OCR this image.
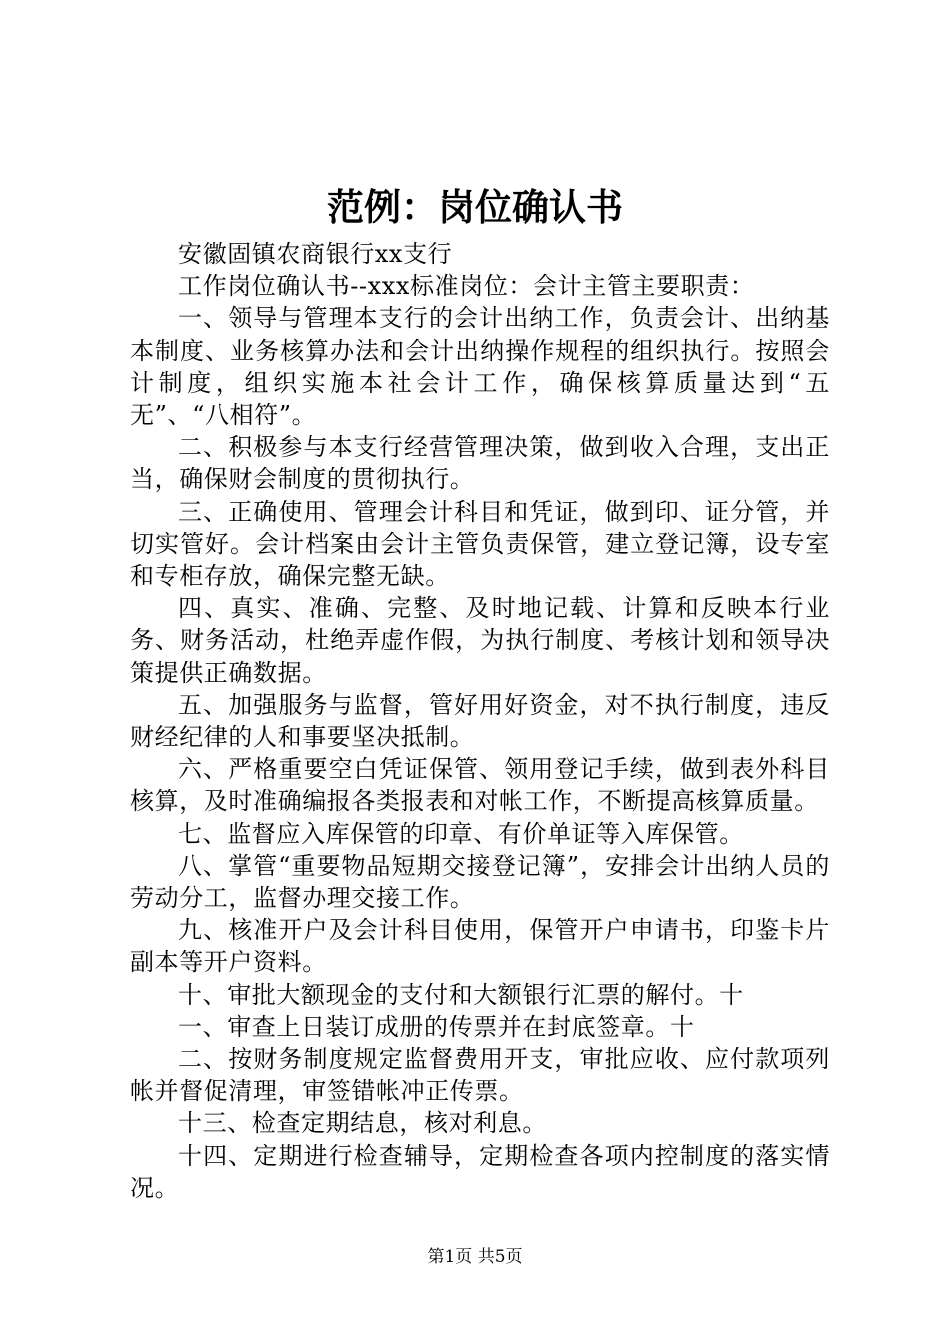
范例：岗位确认书

安徽固镇农商银行xx支行

工作岗位确认书--xxx标准岗位：会计主管主要职责：

一、领导与管理本支行的会计出纳工作，负责会计、出纳基本制度、业务核算办法和会计出纳操作规程的组织执行。按照会计制度，组织实施本社会计工作，确保核算质量达到“五无”、“八相符”。

二、积极参与本支行经营管理决策，做到收入合理，支出正当，确保财会制度的贯彻执行。

三、正确使用、管理会计科目和凭证，做到印、证分管，并切实管好。会计档案由会计主管负责保管，建立登记簿，设专室和专柜存放，确保完整无缺。

四、真实、准确、完整、及时地记载、计算和反映本行业务、财务活动，杜绝弄虚作假，为执行制度、考核计划和领导决策提供正确数据。

五、加强服务与监督，管好用好资金，对不执行制度，违反财经纪律的人和事要坚决抵制。

六、严格重要空白凭证保管、领用登记手续，做到表外科目核算，及时准确编报各类报表和对帐工作，不断提高核算质量。

七、监督应入库保管的印章、有价单证等入库保管。

八、掌管“重要物品短期交接登记簿”，安排会计出纳人员的劳动分工，监督办理交接工作。

九、核准开户及会计科目使用，保管开户申请书，印鉴卡片副本等开户资料。

十、审批大额现金的支付和大额银行汇票的解付。十

一、审查上日装订成册的传票并在封底签章。十

二、按财务制度规定监督费用开支，审批应收、应付款项列帐并督促清理，审签错帐冲正传票。

十三、检查定期结息，核对利息。

十四、定期进行检查辅导，定期检查各项内控制度的落实情况。

第1页 共5页
